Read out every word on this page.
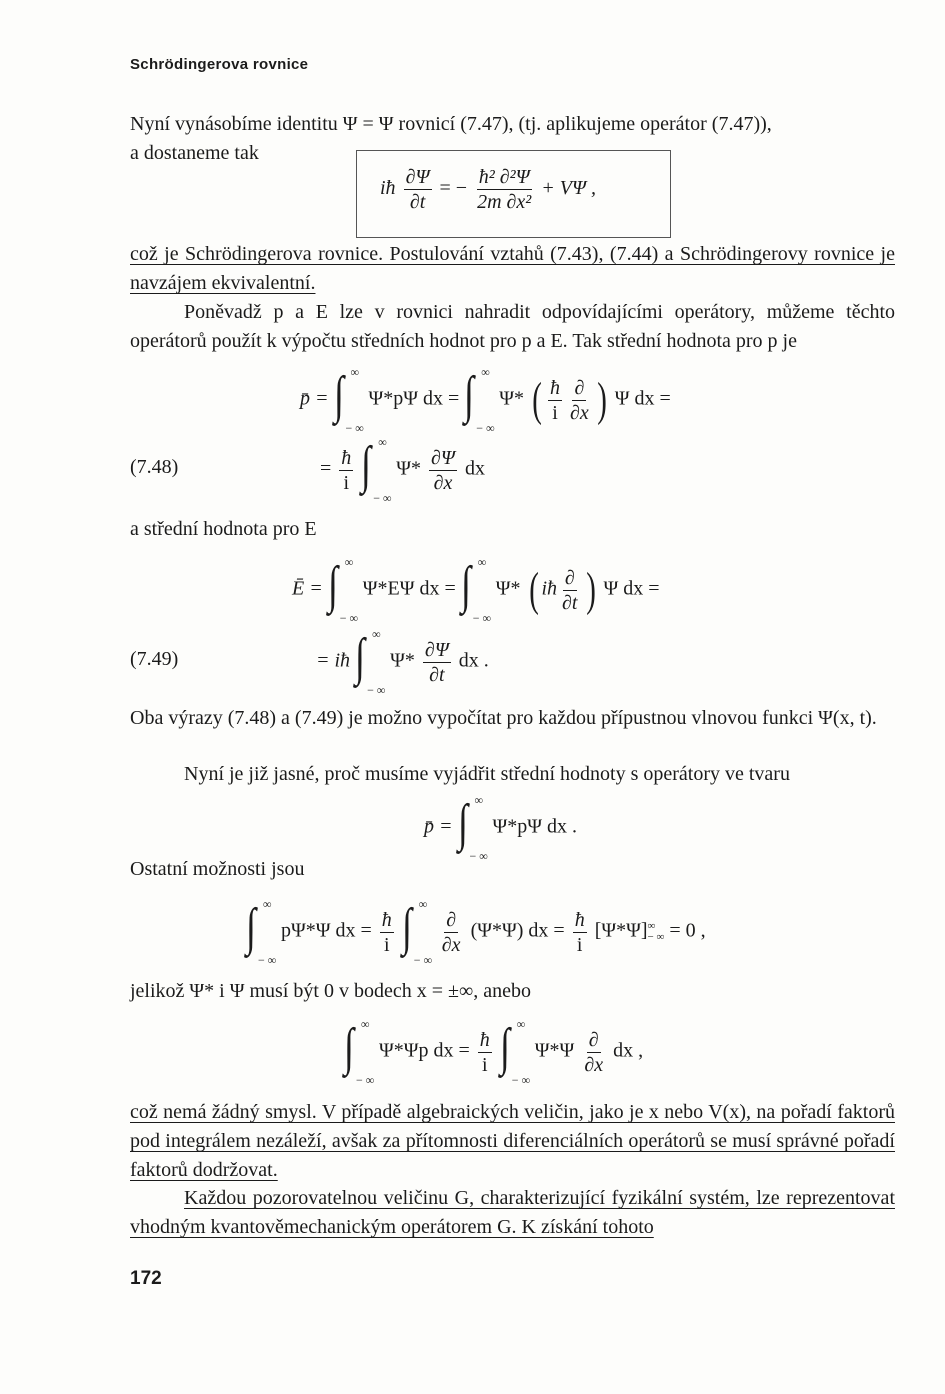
Schrödingerova rovnice
Nyní vynásobíme identitu Ψ = Ψ rovnicí (7.47), (tj. aplikujeme operátor (7.47)),
a dostaneme tak
iħ $\frac{\partial\Psi}{\partial t}$ = − $\frac{\text{ħ² ∂²Ψ}}{\text{2m ∂x²}} + V\Psi$ ,
což je Schrödingerova rovnice. Postulování vztahů (7.43), (7.44) a Schrödingerovy rovnice je navzájem ekvivalentní.
Poněvadž p a E lze v rovnici nahradit odpovídajícími operátory, můžeme těchto operátorů použít k výpočtu středních hodnot pro p a E. Tak střední hodnota pro p je
p̄ = ∫ ∞
− ∞
Ψ*pΨ dx = ∫ ∞
− ∞
Ψ* ( $\frac{ħ}{i} \frac{\partial}{\partial x}$ ) Ψ dx =
(7.48)	= $\frac{ħ}{i}$
∫ ∞
− ∞
$\Psi* \frac{\partial\Psi}{\partial x}$ dx
a střední hodnota pro E
Ē = ∫ ∞
− ∞
Ψ*EΨ dx = ∫ ∞
− ∞
Ψ* ( iħ $\frac{\partial}{\partial t}$ ) Ψ dx =
(7.49)	= iħ ∫ ∞
− ∞
$\Psi* \frac{\partial\Psi}{\partial t}$ dx .
Oba výrazy (7.48) a (7.49) je možno vypočítat pro každou přípustnou vlnovou funkci Ψ(x, t).
Nyní je již jasné, proč musíme vyjádřit střední hodnoty s operátory ve tvaru
p̄ = ∫ ∞
− ∞
Ψ*pΨ dx .
Ostatní možnosti jsou
∫ ∞
− ∞
pΨ*Ψ dx = $\frac{ħ}{i}$
∫ ∞
− ∞

$\frac{\partial}{\partial x} (\Psi*\Psi)$ dx = $\frac{ħ}{i} [\Psi*\Psi]$ ∞
− ∞ = 0 ,
jelikož Ψ* i Ψ musí být 0 v bodech x = ±∞, anebo
∫ ∞
− ∞
Ψ*Ψp dx = $\frac{ħ}{i}$
∫ ∞
− ∞
$\Psi*\Psi \frac{\partial}{\partial x}$ dx ,
což nemá žádný smysl. V případě algebraických veličin, jako je x nebo V(x), na pořadí faktorů pod integrálem nezáleží, avšak za přítomnosti diferenciálních operátorů se musí správné pořadí faktorů dodržovat.
Každou pozorovatelnou veličinu G, charakterizující fyzikální systém, lze reprezentovat vhodným kvantověmechanickým operátorem G. K získání tohoto
172
